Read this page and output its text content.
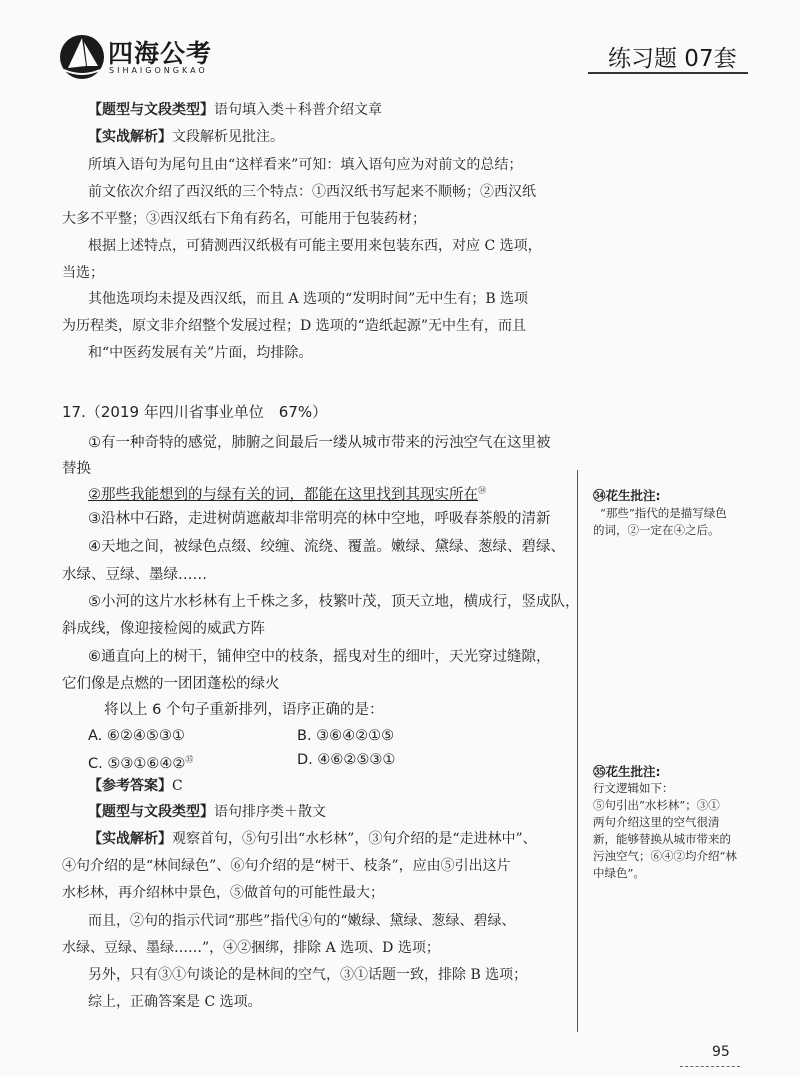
四海公考
SIHAIGONGKAO	练习题 07套
【题型与文段类型】语句填入类＋科普介绍文章
【实战解析】文段解析见批注。
所填入语句为尾句且由“这样看来”可知：填入语句应为对前文的总结；
前文依次介绍了西汉纸的三个特点：①西汉纸书写起来不顺畅；②西汉纸
大多不平整；③西汉纸右下角有药名，可能用于包装药材；
根据上述特点，可猜测西汉纸极有可能主要用来包装东西，对应 C 选项，
当选；
其他选项均未提及西汉纸，而且 A 选项的“发明时间”无中生有；B 选项
为历程类，原文非介绍整个发展过程；D 选项的“造纸起源”无中生有，而且
和“中医药发展有关”片面，均排除。
17.（2019 年四川省事业单位　67%）
①有一种奇特的感觉，肺腑之间最后一缕从城市带来的污浊空气在这里被
替换
②那些我能想到的与绿有关的词，都能在这里找到其现实所在$^㉞$
③沿林中石路，走进树荫遮蔽却非常明亮的林中空地，呼吸春茶般的清新
④天地之间，被绿色点缀、绞缠、流绕、覆盖。嫩绿、黛绿、葱绿、碧绿、
水绿、豆绿、墨绿……
⑤小河的这片水杉林有上千株之多，枝繁叶茂，顶天立地，横成行，竖成队，
斜成线，像迎接检阅的威武方阵
⑥通直向上的树干，铺伸空中的枝条，摇曳对生的细叶，天光穿过缝隙，
它们像是点燃的一团团蓬松的绿火
将以上 6 个句子重新排列，语序正确的是：
A. ⑥②④⑤③①	B. ③⑥④②①⑤
C. ⑤③①⑥④②$^㉟$	D. ④⑥②⑤③①
【参考答案】C
【题型与文段类型】语句排序类＋散文
【实战解析】观察首句，⑤句引出“水杉林”，③句介绍的是“走进林中”、
④句介绍的是“林间绿色”、⑥句介绍的是“树干、枝条”，应由⑤引出这片
水杉林，再介绍林中景色，⑤做首句的可能性最大；
而且，②句的指示代词“那些”指代④句的“嫩绿、黛绿、葱绿、碧绿、
水绿、豆绿、墨绿……”，④②捆绑，排除 A 选项、D 选项；
另外，只有③①句谈论的是林间的空气，③①话题一致，排除 B 选项；
综上，正确答案是 C 选项。
㉞花生批注:
“那些”指代的是描写绿色
的词，②一定在④之后。
㉟花生批注:
行文逻辑如下：
⑤句引出“水杉林”；③①
两句介绍这里的空气很清
新，能够替换从城市带来的
污浊空气；⑥④②均介绍“林
中绿色”。
95
